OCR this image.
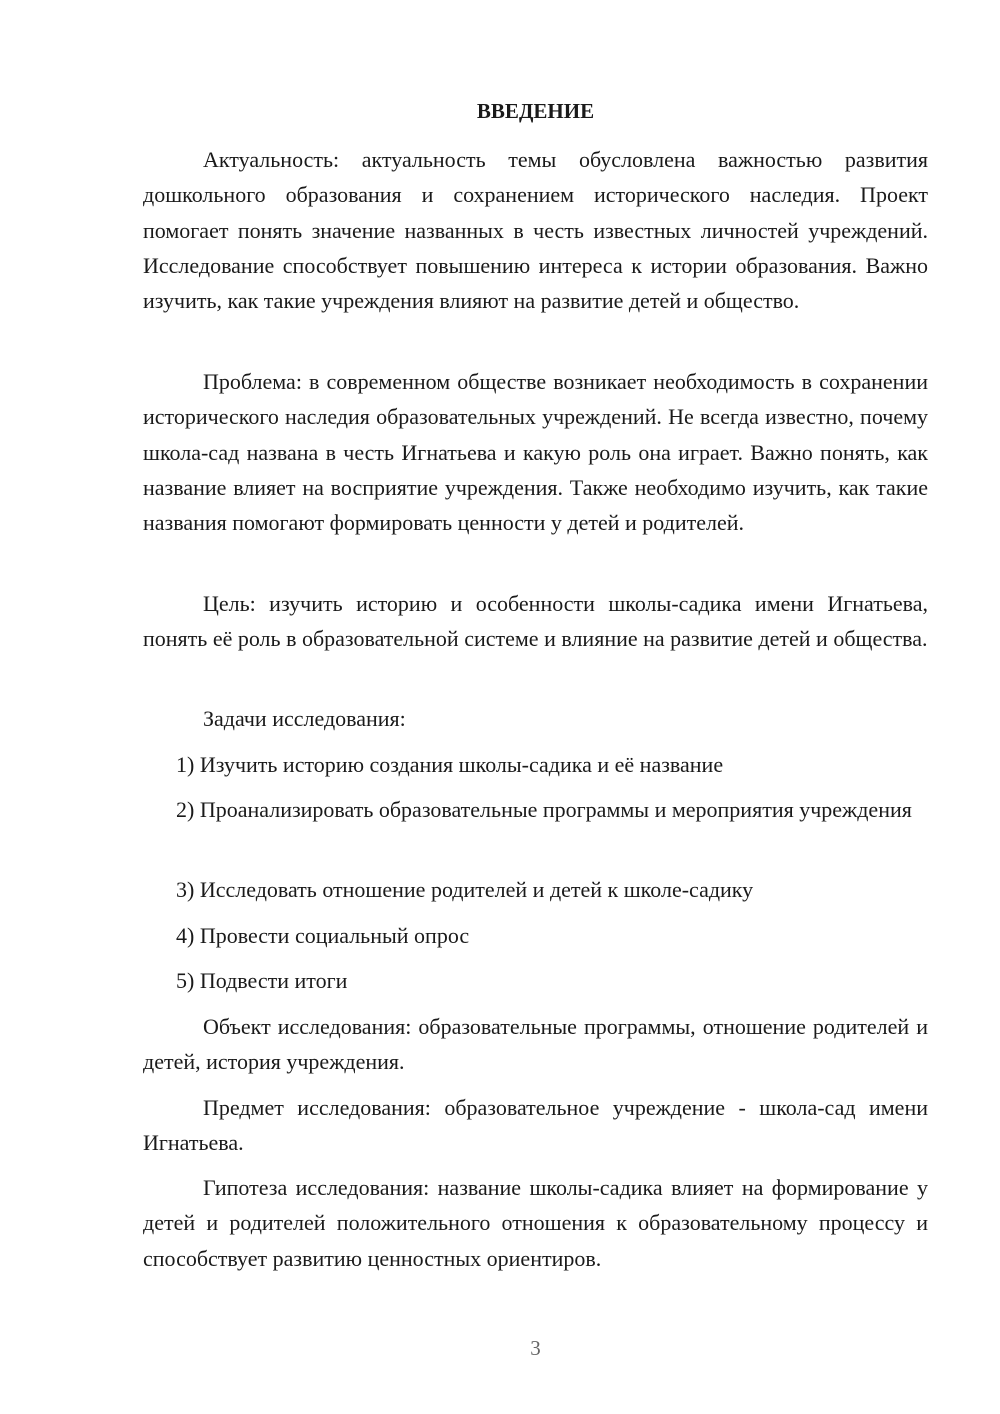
ВВЕДЕНИЕ

Актуальность: актуальность темы обусловлена важностью развития дошкольного образования и сохранением исторического наследия. Проект помогает понять значение названных в честь известных личностей учреждений. Исследование способствует повышению интереса к истории образования. Важно изучить, как такие учреждения влияют на развитие детей и общество.

Проблема: в современном обществе возникает необходимость в сохранении исторического наследия образовательных учреждений. Не всегда известно, почему школа-сад названа в честь Игнатьева и какую роль она играет. Важно понять, как название влияет на восприятие учреждения. Также необходимо изучить, как такие названия помогают формировать ценности у детей и родителей.

Цель: изучить историю и особенности школы-садика имени Игнатьева, понять её роль в образовательной системе и влияние на развитие детей и общества.

Задачи исследования:

1) Изучить историю создания школы-садика и её название

2) Проанализировать образовательные программы и мероприятия учреждения

3) Исследовать отношение родителей и детей к школе-садику

4) Провести социальный опрос

5) Подвести итоги

Объект исследования: образовательные программы, отношение родителей и детей, история учреждения.

Предмет исследования: образовательное учреждение - школа-сад имени Игнатьева.

Гипотеза исследования: название школы-садика влияет на формирование у детей и родителей положительного отношения к образовательному процессу и способствует развитию ценностных ориентиров.

3
